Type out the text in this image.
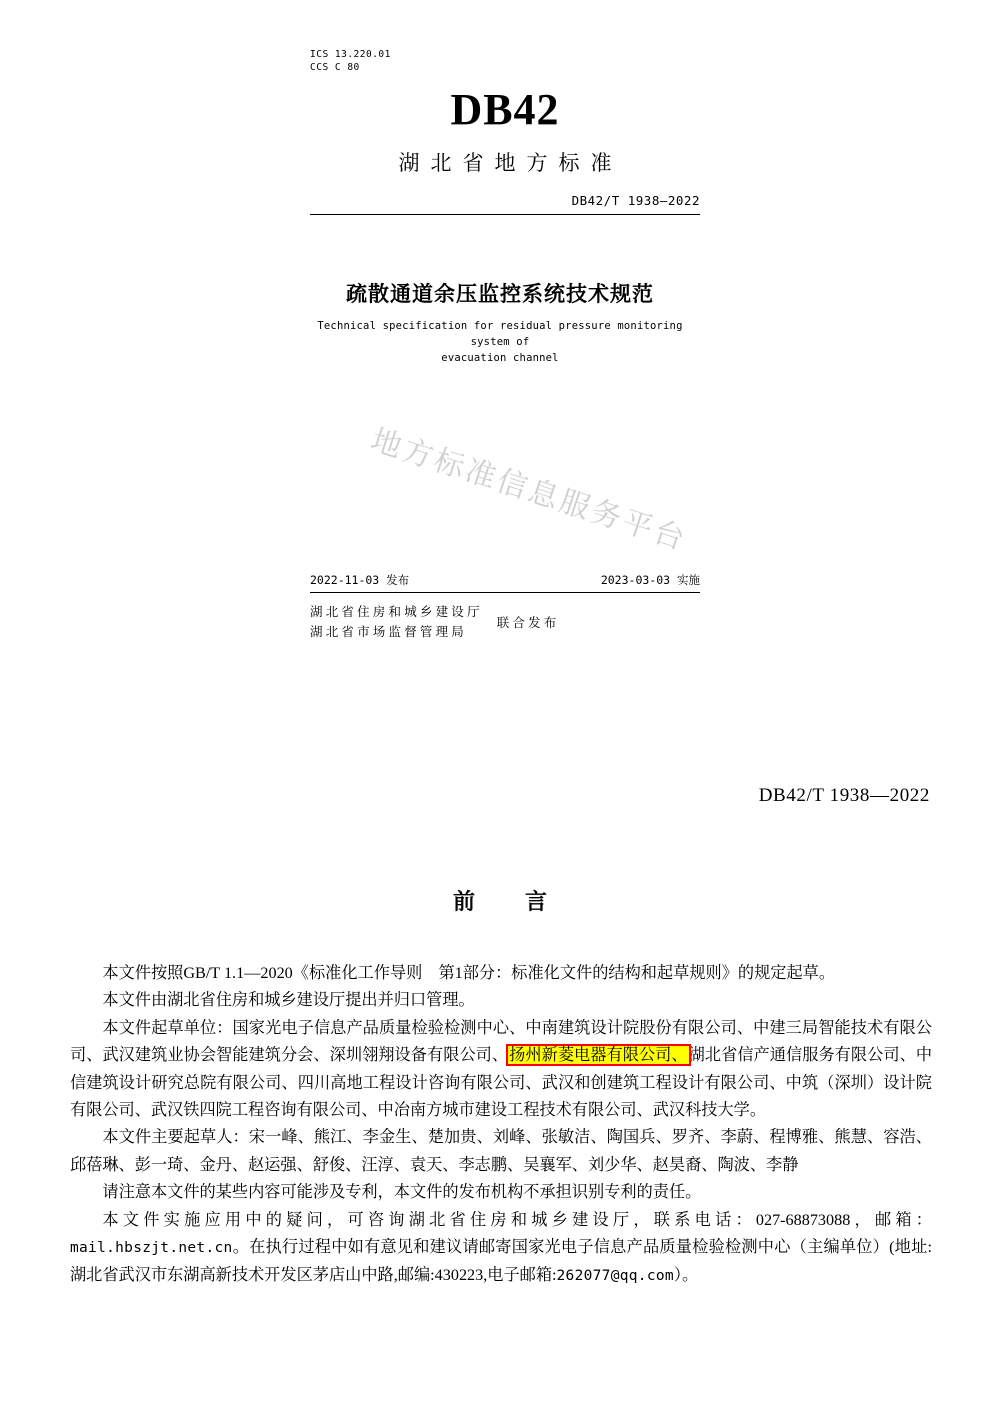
ICS 13.220.01
CCS C 80
DB42
湖北省地方标准
DB42/T 1938—2022
疏散通道余压监控系统技术规范
Technical specification for residual pressure monitoring system of
evacuation channel
地方标准信息服务平台
2022-11-03 发布	2023-03-03 实施
湖北省住房和城乡建设厅
湖北省市场监督管理局
联合发布
DB42/T 1938—2022
前　言

本文件按照GB/T 1.1—2020《标准化工作导则　第1部分：标准化文件的结构和起草规则》的规定起草。

本文件由湖北省住房和城乡建设厅提出并归口管理。

本文件起草单位：国家光电子信息产品质量检验检测中心、中南建筑设计院股份有限公司、中建三局智能技术有限公司、武汉建筑业协会智能建筑分会、深圳翎翔设备有限公司、扬州新菱电器有限公司、湖北省信产通信服务有限公司、中信建筑设计研究总院有限公司、四川高地工程设计咨询有限公司、武汉和创建筑工程设计有限公司、中筑（深圳）设计院有限公司、武汉铁四院工程咨询有限公司、中冶南方城市建设工程技术有限公司、武汉科技大学。

本文件主要起草人：宋一峰、熊江、李金生、楚加贵、刘峰、张敏洁、陶国兵、罗齐、李蔚、程博雅、熊慧、容浩、邱蓓琳、彭一琦、金丹、赵运强、舒俊、汪淳、袁天、李志鹏、吴襄军、刘少华、赵昊裔、陶波、李静

请注意本文件的某些内容可能涉及专利，本文件的发布机构不承担识别专利的责任。

本文件实施应用中的疑问，可咨询湖北省住房和城乡建设厅，联系电话：027-68873088，邮箱：mail.hbszjt.net.cn。在执行过程中如有意见和建议请邮寄国家光电子信息产品质量检验检测中心（主编单位）(地址:湖北省武汉市东湖高新技术开发区茅店山中路,邮编:430223,电子邮箱:262077@qq.com）。
